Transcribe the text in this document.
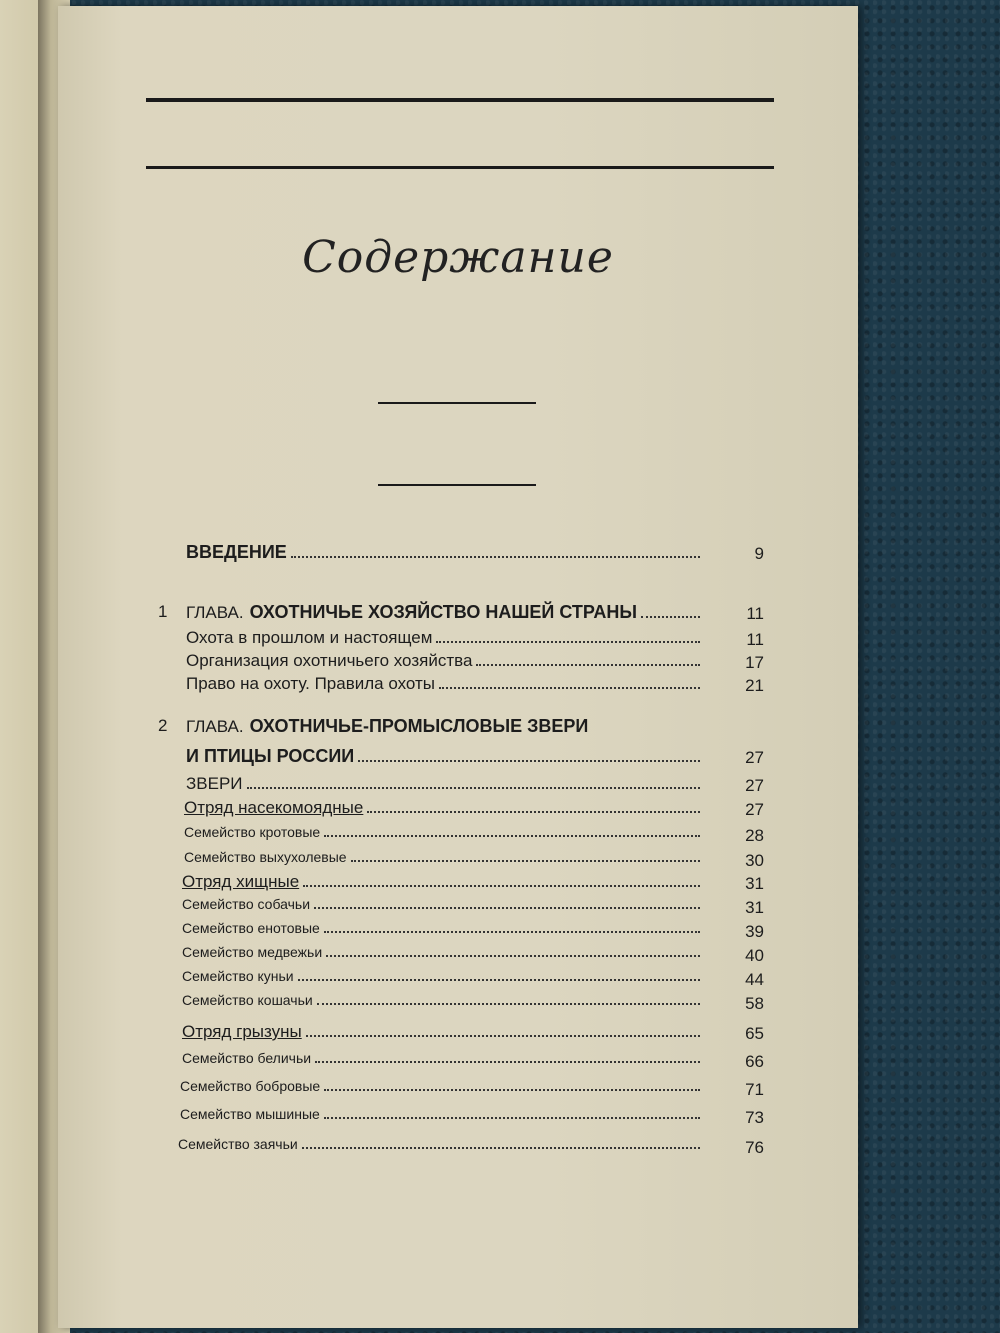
Содержание
ВВЕДЕНИЕ	9
1 ГЛАВА. ОХОТНИЧЬЕ ХОЗЯЙСТВО НАШЕЙ СТРАНЫ	11
Охота в прошлом и настоящем	11
Организация охотничьего хозяйства	17
Право на охоту. Правила охоты	21
2 ГЛАВА. ОХОТНИЧЬЕ-ПРОМЫСЛОВЫЕ ЗВЕРИ
И ПТИЦЫ РОССИИ	27
ЗВЕРИ	27
Отряд насекомоядные	27
Семейство кротовые	28
Семейство выхухолевые	30
Отряд хищные	31
Семейство собачьи	31
Семейство енотовые	39
Семейство медвежьи	40
Семейство куньи	44
Семейство кошачьи	58
Отряд грызуны	65
Семейство беличьи	66
Семейство бобровые	71
Семейство мышиные	73
Семейство заячьи	76
